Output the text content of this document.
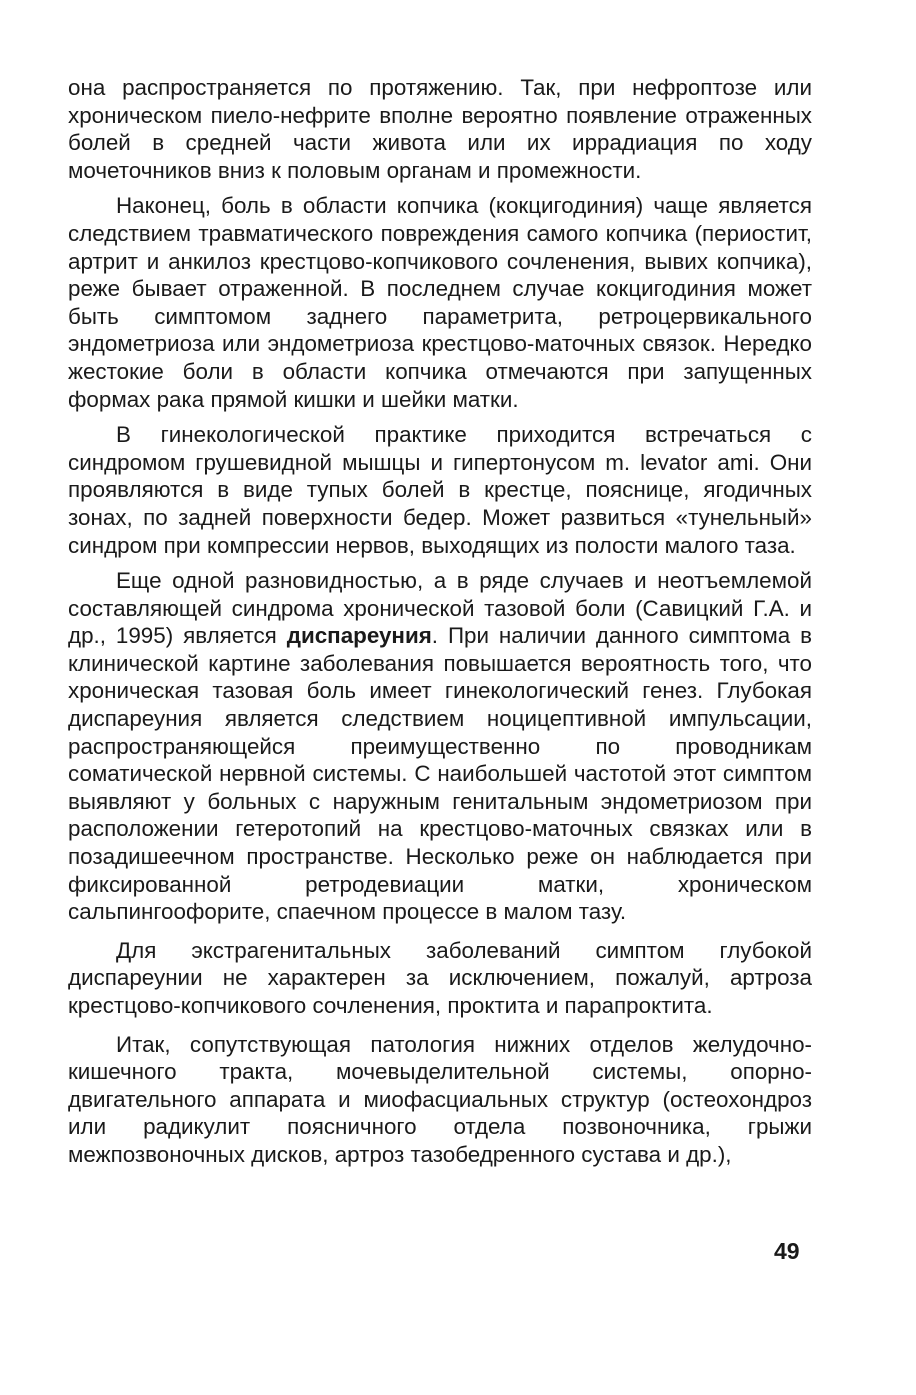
она распространяется по протяжению. Так, при нефроптозе или хроническом пиело-нефрите вполне вероятно появление отраженных болей в средней части живота или их иррадиация по ходу мочеточников вниз к половым органам и промежности.

Наконец, боль в области копчика (кокцигодиния) чаще является следствием травматического повреждения самого копчика (периостит, артрит и анкилоз крестцово-копчикового сочленения, вывих копчика), реже бывает отраженной. В последнем случае кокцигодиния может быть симптомом заднего параметрита, ретроцервикального эндометриоза или эндометриоза крестцово-маточных связок. Нередко жестокие боли в области копчика отмечаются при запущенных формах рака прямой кишки и шейки матки.

В гинекологической практике приходится встречаться с синдромом грушевидной мышцы и гипертонусом m. levator ami. Они проявляются в виде тупых болей в крестце, пояснице, ягодичных зонах, по задней поверхности бедер. Может развиться «тунельный» синдром при компрессии нервов, выходящих из полости малого таза.

Еще одной разновидностью, а в ряде случаев и неотъемлемой составляющей синдрома хронической тазовой боли (Савицкий Г.А. и др., 1995) является диспареуния. При наличии данного симптома в клинической картине заболевания повышается вероятность того, что хроническая тазовая боль имеет гинекологический генез. Глубокая диспареуния является следствием ноцицептивной импульсации, распространяющейся преимущественно по проводникам соматической нервной системы. С наибольшей частотой этот симптом выявляют у больных с наружным генитальным эндометриозом при расположении гетеротопий на крестцово-маточных связках или в позадишеечном пространстве. Несколько реже он наблюдается при фиксированной ретродевиации матки, хроническом сальпингоофорите, спаечном процессе в малом тазу.

Для экстрагенитальных заболеваний симптом глубокой диспареунии не характерен за исключением, пожалуй, артроза крестцово-копчикового сочленения, проктита и парапроктита.

Итак, сопутствующая патология нижних отделов желудочно-кишечного тракта, мочевыделительной системы, опорно-двигательного аппарата и миофасциальных структур (остеохондроз или радикулит поясничного отдела позвоночника, грыжи межпозвоночных дисков, артроз тазобедренного сустава и др.),

49
